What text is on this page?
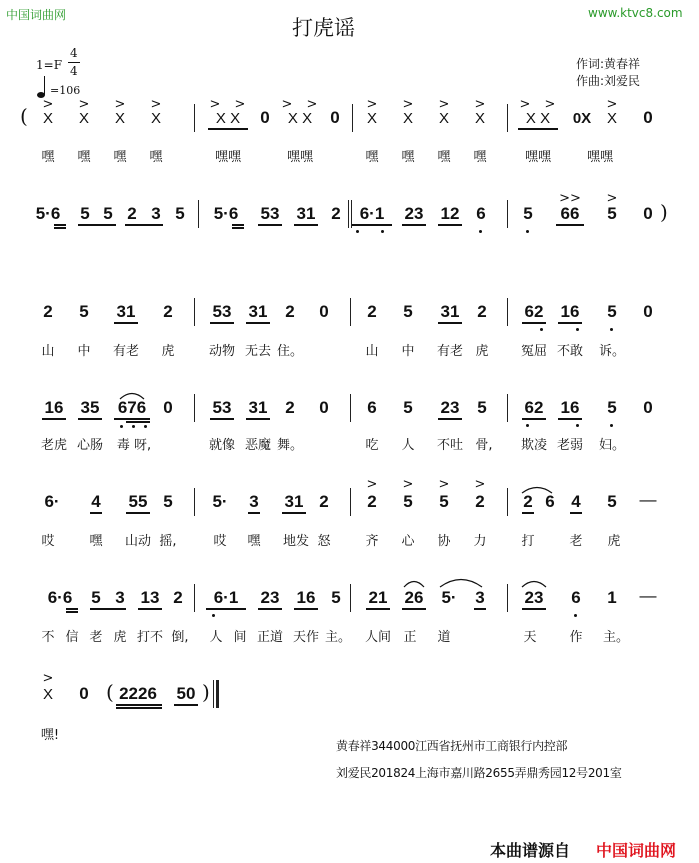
中国词曲网	www.ktvc8.com
打虎谣
1=F
4
4
=106
作词:黄春祥
作曲:刘爱民
( >
X
>
X
>
X
>
X
> >
X X 0
> >
X X 0
>
X
>
X
>
X
>
X
> >
X X 0X
>
X 0
嘿 嘿 嘿 嘿	嘿嘿	嘿嘿	嘿 嘿 嘿 嘿	嘿嘿	嘿嘿
5·6 5 5 2 3 5 5·6 53 31 2 6·1 23 12 6 5
>>
66
>
5 0 )
2 5 31 2 53 31 2 0 2 5 31 2 62 16 5 0
山 中 有老 虎	动物 无去 住。	山 中 有老 虎 冤屈 不敢 诉。
16 35 676 0 53 31 2 0 6 5 23 5 62 16 5 0
老虎 心肠 毒 呀,	就像 恶魔 舞。	吃 人 不吐 骨, 欺凌 老弱 妇。
6· 4 55 5 5· 3 31 2
>
2
>
5
>
5
>
2 2 6 4 5 —
哎	嘿 山动 摇,	哎 嘿 地发 怒	齐 心 协 力	打	老 虎
6·6 5 3 13 2 6·1 23 16 5 21 26 5· 3 23 6 1 —
不 信 老 虎 打不 倒, 人 间 正道 天作 主。 人间 正 道	天	作 主。
>
X 0 ( 2226 50 )
嘿!
黄春祥344000江西省抚州市工商银行内控部
刘爱民201824上海市嘉川路2655弄鼎秀园12号201室
本曲谱源自 中国词曲网
